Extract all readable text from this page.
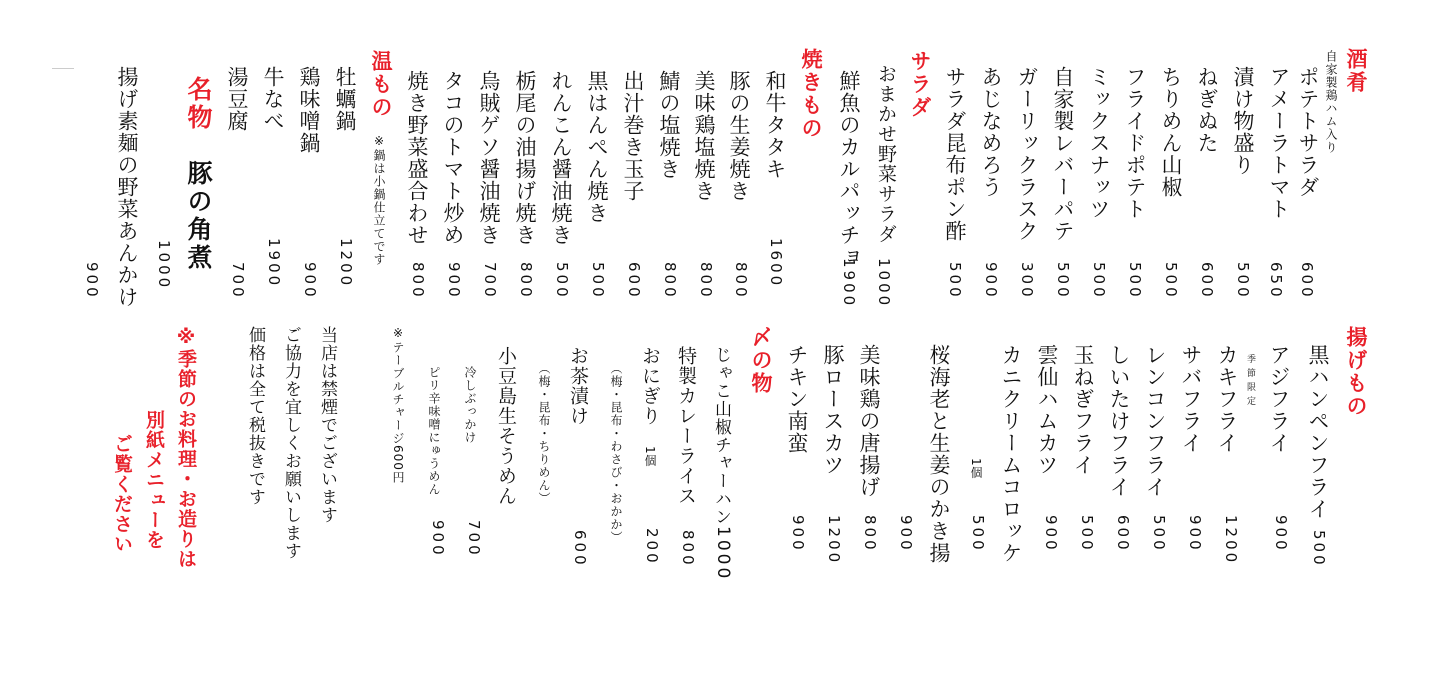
酒肴
自家製鶏ハム入り
ポテトサラダ
600
アメーラトマト
650
漬け物盛り
500
ねぎぬた
600
ちりめん山椒
500
フライドポテト
500
ミックスナッツ
500
自家製レバーパテ
500
ガーリックラスク
300
あじなめろう
900
サラダ昆布ポン酢
500
サラダ
おまかせ野菜サラダ
1000
鮮魚のカルパッチョ
1900
焼きもの
和牛タタキ
1600
豚の生姜焼き
800
美味鶏塩焼き
800
鯖の塩焼き
800
出汁巻き玉子
600
黒はんぺん焼き
500
れんこん醤油焼き
500
栃尾の油揚げ焼き
800
烏賊ゲソ醤油焼き
700
タコのトマト炒め
900
焼き野菜盛合わせ
800
温もの
※鍋は小鍋仕立てです
牡蠣鍋
1200
鶏味噌鍋
900
牛なべ
1900
湯豆腐
700
名物
豚の角煮
1000
揚げ素麺の野菜あんかけ
900
揚げもの
黒ハンペンフライ
500
アジフライ
900
季節限定
カキフライ
1200
サバフライ
900
レンコンフライ
500
しいたけフライ
600
玉ねぎフライ
500
雲仙ハムカツ
900
カニクリームコロッケ
1個
500
桜海老と生姜のかき揚
900
美味鶏の唐揚げ
800
豚ロースカツ
1200
チキン南蛮
900
〆の物
じゃこ山椒チャーハン
1000
特製カレーライス
800
おにぎり
1個
200
（梅・昆布・わさび・おかか）
お茶漬け
600
（梅・昆布・ちりめん）
小豆島生そうめん
冷しぶっかけ
700
ピリ辛味噌にゅうめん
900
※テーブルチャージ600円
当店は禁煙でございます
ご協力を宜しくお願いします
価格は全て税抜きです
※季節のお料理・お造りは
別紙メニューを
ご覧ください
